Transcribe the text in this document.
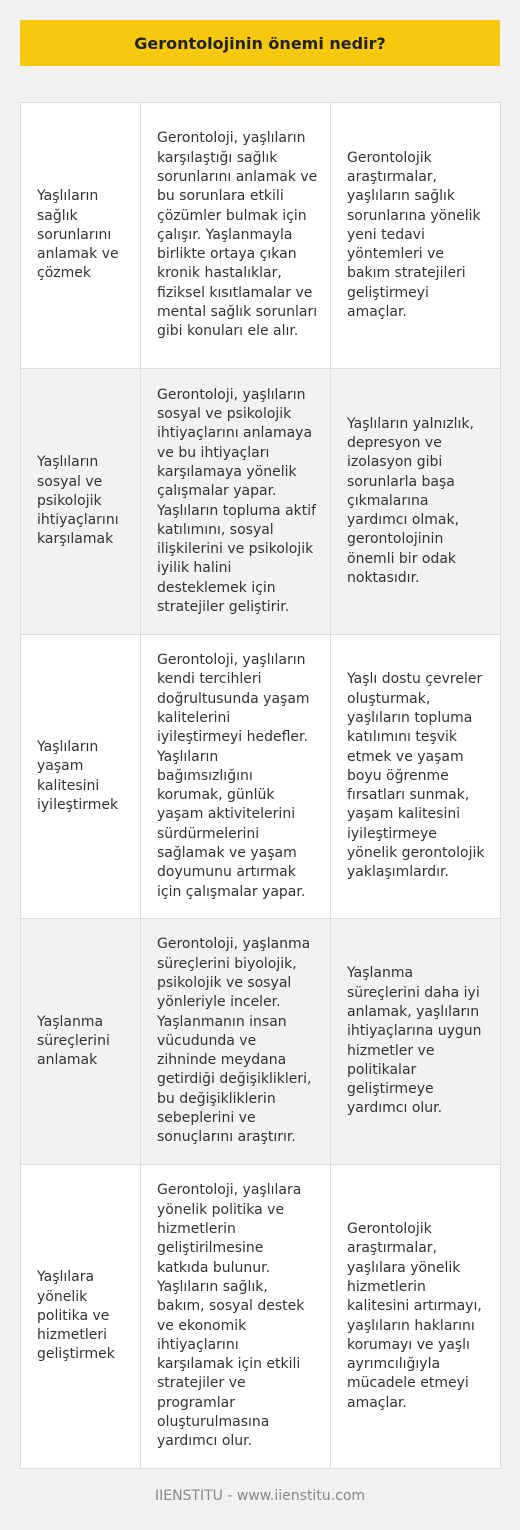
Gerontolojinin önemi nedir?
Yaşlıların sağlık sorunlarını anlamak ve çözmek	Gerontoloji, yaşlıların karşılaştığı sağlık sorunlarını anlamak ve bu sorunlara etkili çözümler bulmak için çalışır. Yaşlanmayla birlikte ortaya çıkan kronik hastalıklar, fiziksel kısıtlamalar ve mental sağlık sorunları gibi konuları ele alır.	Gerontolojik araştırmalar, yaşlıların sağlık sorunlarına yönelik yeni tedavi yöntemleri ve bakım stratejileri geliştirmeyi amaçlar.
Yaşlıların sosyal ve psikolojik ihtiyaçlarını karşılamak	Gerontoloji, yaşlıların sosyal ve psikolojik ihtiyaçlarını anlamaya ve bu ihtiyaçları karşılamaya yönelik çalışmalar yapar. Yaşlıların topluma aktif katılımını, sosyal ilişkilerini ve psikolojik iyilik halini desteklemek için stratejiler geliştirir.	Yaşlıların yalnızlık, depresyon ve izolasyon gibi sorunlarla başa çıkmalarına yardımcı olmak, gerontolojinin önemli bir odak noktasıdır.
Yaşlıların yaşam kalitesini iyileştirmek	Gerontoloji, yaşlıların kendi tercihleri doğrultusunda yaşam kalitelerini iyileştirmeyi hedefler. Yaşlıların bağımsızlığını korumak, günlük yaşam aktivitelerini sürdürmelerini sağlamak ve yaşam doyumunu artırmak için çalışmalar yapar.	Yaşlı dostu çevreler oluşturmak, yaşlıların topluma katılımını teşvik etmek ve yaşam boyu öğrenme fırsatları sunmak, yaşam kalitesini iyileştirmeye yönelik gerontolojik yaklaşımlardır.
Yaşlanma süreçlerini anlamak	Gerontoloji, yaşlanma süreçlerini biyolojik, psikolojik ve sosyal yönleriyle inceler. Yaşlanmanın insan vücudunda ve zihninde meydana getirdiği değişiklikleri, bu değişikliklerin sebeplerini ve sonuçlarını araştırır.	Yaşlanma süreçlerini daha iyi anlamak, yaşlıların ihtiyaçlarına uygun hizmetler ve politikalar geliştirmeye yardımcı olur.
Yaşlılara yönelik politika ve hizmetleri geliştirmek	Gerontoloji, yaşlılara yönelik politika ve hizmetlerin geliştirilmesine katkıda bulunur. Yaşlıların sağlık, bakım, sosyal destek ve ekonomik ihtiyaçlarını karşılamak için etkili stratejiler ve programlar oluşturulmasına yardımcı olur.	Gerontolojik araştırmalar, yaşlılara yönelik hizmetlerin kalitesini artırmayı, yaşlıların haklarını korumayı ve yaşlı ayrımcılığıyla mücadele etmeyi amaçlar.
IIENSTITU - www.iienstitu.com
